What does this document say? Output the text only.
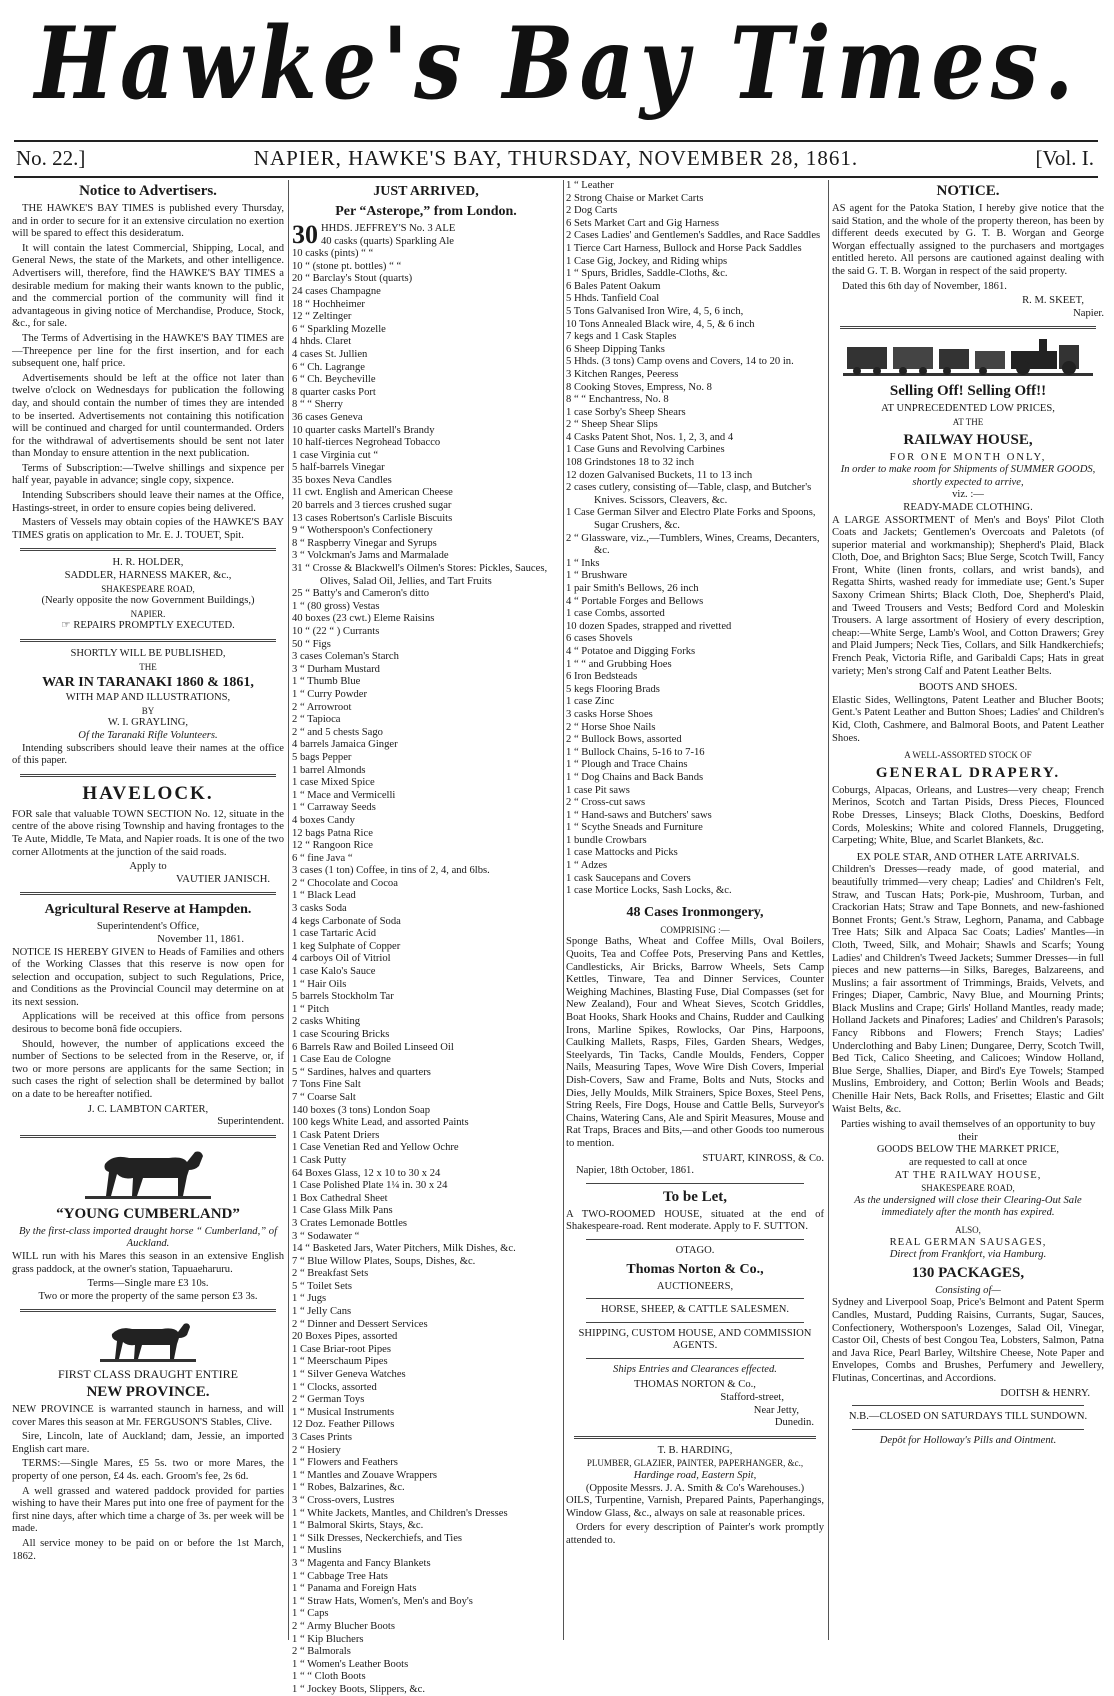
Hawke's Bay Times.
No. 22.]	NAPIER, HAWKE'S BAY, THURSDAY, NOVEMBER 28, 1861.	[Vol. I.
Notice to Advertisers.

THE HAWKE'S BAY TIMES is published every Thursday, and in order to secure for it an extensive circulation no exertion will be spared to effect this desideratum.

It will contain the latest Commercial, Shipping, Local, and General News, the state of the Markets, and other intelligence. Advertisers will, therefore, find the HAWKE'S BAY TIMES a desirable medium for making their wants known to the public, and the commercial portion of the community will find it advantageous in giving notice of Merchandise, Produce, Stock, &c., for sale.

The Terms of Advertising in the HAWKE'S BAY TIMES are—Threepence per line for the first insertion, and for each subsequent one, half price.

Advertisements should be left at the office not later than twelve o'clock on Wednesdays for publication the following day, and should contain the number of times they are intended to be inserted. Advertisements not containing this notification will be continued and charged for until countermanded. Orders for the withdrawal of advertisements should be sent not later than Monday to ensure attention in the next publication.

Terms of Subscription:—Twelve shillings and sixpence per half year, payable in advance; single copy, sixpence.

Intending Subscribers should leave their names at the Office, Hastings-street, in order to ensure copies being delivered.

Masters of Vessels may obtain copies of the HAWKE'S BAY TIMES gratis on application to Mr. E. J. TOUET, Spit.

H. R. HOLDER,
SADDLER, HARNESS MAKER, &c.,
SHAKESPEARE ROAD,
(Nearly opposite the now Government Buildings,)
NAPIER.
☞ REPAIRS PROMPTLY EXECUTED.
SHORTLY WILL BE PUBLISHED,
THE
WAR IN TARANAKI 1860 & 1861,
WITH MAP AND ILLUSTRATIONS,
BY
W. I. GRAYLING,
Of the Taranaki Rifle Volunteers.

Intending subscribers should leave their names at the office of this paper.

HAVELOCK.

FOR sale that valuable TOWN SECTION No. 12, situate in the centre of the above rising Township and having frontages to the Te Aute, Middle, Te Mata, and Napier roads. It is one of the two corner Allotments at the junction of the said roads.

Apply to
VAUTIER JANISCH.
Agricultural Reserve at Hampden.
Superintendent's Office,
November 11, 1861.

NOTICE IS HEREBY GIVEN to Heads of Families and others of the Working Classes that this reserve is now open for selection and occupation, subject to such Regulations, Price, and Conditions as the Provincial Council may determine on at its next session.

Applications will be received at this office from persons desirous to become bonâ fide occupiers.

Should, however, the number of applications exceed the number of Sections to be selected from in the Reserve, or, if two or more persons are applicants for the same Section; in such cases the right of selection shall be determined by ballot on a date to be hereafter notified.

J. C. LAMBTON CARTER,
Superintendent.
“YOUNG CUMBERLAND”
By the first-class imported draught horse “ Cumberland,” of Auckland.

WILL run with his Mares this season in an extensive English grass paddock, at the owner's station, Tapuaeharuru.

Terms—Single mare £3 10s.
Two or more the property of the same person £3 3s.
FIRST CLASS DRAUGHT ENTIRE
NEW PROVINCE.

NEW PROVINCE is warranted staunch in harness, and will cover Mares this season at Mr. FERGUSON'S Stables, Clive.

Sire, Lincoln, late of Auckland; dam, Jessie, an imported English cart mare.

TERMS:—Single Mares, £5 5s. two or more Mares, the property of one person, £4 4s. each. Groom's fee, 2s 6d.

A well grassed and watered paddock provided for parties wishing to have their Mares put into one free of payment for the first nine days, after which time a charge of 3s. per week will be made.

All service money to be paid on or before the 1st March, 1862.

JUST ARRIVED,
Per “Asterope,” from London.
30 HHDS. JEFFREY'S No. 3 ALE
40 casks (quarts) Sparkling Ale
10 casks (pints) “ “
10 “ (stone pt. bottles) “ “
20 “ Barclay's Stout (quarts)
24 cases Champagne
18 “ Hochheimer
12 “ Zeltinger
6 “ Sparkling Mozelle
4 hhds. Claret
4 cases St. Jullien
6 “ Ch. Lagrange
6 “ Ch. Beycheville
8 quarter casks Port
8 “ “ Sherry
36 cases Geneva
10 quarter casks Martell's Brandy
10 half-tierces Negrohead Tobacco
1 case Virginia cut “
5 half-barrels Vinegar
35 boxes Neva Candles
11 cwt. English and American Cheese
20 barrels and 3 tierces crushed sugar
13 cases Robertson's Carlisle Biscuits
9 “ Wotherspoon's Confectionery
8 “ Raspberry Vinegar and Syrups
3 “ Volckman's Jams and Marmalade
31 “ Crosse & Blackwell's Oilmen's Stores: Pickles, Sauces, Olives, Salad Oil, Jellies, and Tart Fruits
25 “ Batty's and Cameron's ditto
1 “ (80 gross) Vestas
40 boxes (23 cwt.) Eleme Raisins
10 “ (22 “ ) Currants
50 “ Figs
3 cases Coleman's Starch
3 “ Durham Mustard
1 “ Thumb Blue
1 “ Curry Powder
2 “ Arrowroot
2 “ Tapioca
2 “ and 5 chests Sago
4 barrels Jamaica Ginger
5 bags Pepper
1 barrel Almonds
1 case Mixed Spice
1 “ Mace and Vermicelli
1 “ Carraway Seeds
4 boxes Candy
12 bags Patna Rice
12 “ Rangoon Rice
6 “ fine Java “
3 cases (1 ton) Coffee, in tins of 2, 4, and 6lbs.
2 “ Chocolate and Cocoa
1 “ Black Lead
3 casks Soda
4 kegs Carbonate of Soda
1 case Tartaric Acid
1 keg Sulphate of Copper
4 carboys Oil of Vitriol
1 case Kalo's Sauce
1 “ Hair Oils
5 barrels Stockholm Tar
1 “ Pitch
2 casks Whiting
1 case Scouring Bricks
6 Barrels Raw and Boiled Linseed Oil
1 Case Eau de Cologne
5 “ Sardines, halves and quarters
7 Tons Fine Salt
7 “ Coarse Salt
140 boxes (3 tons) London Soap
100 kegs White Lead, and assorted Paints
1 Cask Patent Driers
1 Case Venetian Red and Yellow Ochre
1 Cask Putty
64 Boxes Glass, 12 x 10 to 30 x 24
1 Case Polished Plate 1¼ in. 30 x 24
1 Box Cathedral Sheet
1 Case Glass Milk Pans
3 Crates Lemonade Bottles
3 “ Sodawater “
14 “ Basketed Jars, Water Pitchers, Milk Dishes, &c.
7 “ Blue Willow Plates, Soups, Dishes, &c.
2 “ Breakfast Sets
5 “ Toilet Sets
1 “ Jugs
1 “ Jelly Cans
2 “ Dinner and Dessert Services
20 Boxes Pipes, assorted
1 Case Briar-root Pipes
1 “ Meerschaum Pipes
1 “ Silver Geneva Watches
1 “ Clocks, assorted
2 “ German Toys
1 “ Musical Instruments
12 Doz. Feather Pillows
3 Cases Prints
2 “ Hosiery
1 “ Flowers and Feathers
1 “ Mantles and Zouave Wrappers
1 “ Robes, Balzarines, &c.
3 “ Cross-overs, Lustres
1 “ White Jackets, Mantles, and Children's Dresses
1 “ Balmoral Skirts, Stays, &c.
1 “ Silk Dresses, Neckerchiefs, and Ties
1 “ Muslins
3 “ Magenta and Fancy Blankets
1 “ Cabbage Tree Hats
1 “ Panama and Foreign Hats
1 “ Straw Hats, Women's, Men's and Boy's
1 “ Caps
2 “ Army Blucher Boots
1 “ Kip Bluchers
2 “ Balmorals
1 “ Women's Leather Boots
1 “ “ Cloth Boots
1 “ Jockey Boots, Slippers, &c.
1 “ Leather
2 Strong Chaise or Market Carts
2 Dog Carts
6 Sets Market Cart and Gig Harness
2 Cases Ladies' and Gentlemen's Saddles, and Race Saddles
1 Tierce Cart Harness, Bullock and Horse Pack Saddles
1 Case Gig, Jockey, and Riding whips
1 “ Spurs, Bridles, Saddle-Cloths, &c.
6 Bales Patent Oakum
5 Hhds. Tanfield Coal
5 Tons Galvanised Iron Wire, 4, 5, 6 inch,
10 Tons Annealed Black wire, 4, 5, & 6 inch
7 kegs and 1 Cask Staples
6 Sheep Dipping Tanks
5 Hhds. (3 tons) Camp ovens and Covers, 14 to 20 in.
3 Kitchen Ranges, Peeress
8 Cooking Stoves, Empress, No. 8
8 “ “ Enchantress, No. 8
1 case Sorby's Sheep Shears
2 “ Sheep Shear Slips
4 Casks Patent Shot, Nos. 1, 2, 3, and 4
1 Case Guns and Revolving Carbines
108 Grindstones 18 to 32 inch
12 dozen Galvanised Buckets, 11 to 13 inch
2 cases cutlery, consisting of—Table, clasp, and Butcher's Knives. Scissors, Cleavers, &c.
1 Case German Silver and Electro Plate Forks and Spoons, Sugar Crushers, &c.
2 “ Glassware, viz.,—Tumblers, Wines, Creams, Decanters, &c.
1 “ Inks
1 “ Brushware
1 pair Smith's Bellows, 26 inch
4 “ Portable Forges and Bellows
1 case Combs, assorted
10 dozen Spades, strapped and rivetted
6 cases Shovels
4 “ Potatoe and Digging Forks
1 “ “ and Grubbing Hoes
6 Iron Bedsteads
5 kegs Flooring Brads
1 case Zinc
3 casks Horse Shoes
2 “ Horse Shoe Nails
2 “ Bullock Bows, assorted
1 “ Bullock Chains, 5-16 to 7-16
1 “ Plough and Trace Chains
1 “ Dog Chains and Back Bands
1 case Pit saws
2 “ Cross-cut saws
1 “ Hand-saws and Butchers' saws
1 “ Scythe Sneads and Furniture
1 bundle Crowbars
1 case Mattocks and Picks
1 “ Adzes
1 cask Saucepans and Covers
1 case Mortice Locks, Sash Locks, &c.
48 Cases Ironmongery,
COMPRISING :—

Sponge Baths, Wheat and Coffee Mills, Oval Boilers, Quoits, Tea and Coffee Pots, Preserving Pans and Kettles, Candlesticks, Air Bricks, Barrow Wheels, Sets Camp Kettles, Tinware, Tea and Dinner Services, Counter Weighing Machines, Blasting Fuse, Dial Compasses (set for New Zealand), Four and Wheat Sieves, Scotch Griddles, Boat Hooks, Shark Hooks and Chains, Rudder and Caulking Irons, Marline Spikes, Rowlocks, Oar Pins, Harpoons, Caulking Mallets, Rasps, Files, Garden Shears, Wedges, Steelyards, Tin Tacks, Candle Moulds, Fenders, Copper Nails, Measuring Tapes, Wove Wire Dish Covers, Imperial Dish-Covers, Saw and Frame, Bolts and Nuts, Stocks and Dies, Jelly Moulds, Milk Strainers, Spice Boxes, Steel Pens, String Reels, Fire Dogs, House and Cattle Bells, Surveyor's Chains, Watering Cans, Ale and Spirit Measures, Mouse and Rat Traps, Braces and Bits,—and other Goods too numerous to mention.

STUART, KINROSS, & Co.
Napier, 18th October, 1861.
To be Let,

A TWO-ROOMED HOUSE, situated at the end of Shakespeare-road. Rent moderate. Apply to F. SUTTON.

OTAGO.
Thomas Norton & Co.,
AUCTIONEERS,
HORSE, SHEEP, & CATTLE SALESMEN.
SHIPPING, CUSTOM HOUSE, AND COMMISSION AGENTS.
Ships Entries and Clearances effected.
THOMAS NORTON & Co.,
Stafford-street,
Near Jetty,
Dunedin.
T. B. HARDING,
PLUMBER, GLAZIER, PAINTER, PAPERHANGER, &c.,
Hardinge road, Eastern Spit,
(Opposite Messrs. J. A. Smith & Co's Warehouses.)

OILS, Turpentine, Varnish, Prepared Paints, Paperhangings, Window Glass, &c., always on sale at reasonable prices.

Orders for every description of Painter's work promptly attended to.

NOTICE.

AS agent for the Patoka Station, I hereby give notice that the said Station, and the whole of the property thereon, has been by different deeds executed by G. T. B. Worgan and George Worgan effectually assigned to the purchasers and mortgages entitled hereto. All persons are cautioned against dealing with the said G. T. B. Worgan in respect of the said property.

Dated this 6th day of November, 1861.

R. M. SKEET,
Napier.
Selling Off! Selling Off!!
AT UNPRECEDENTED LOW PRICES,
AT THE
RAILWAY HOUSE,
FOR ONE MONTH ONLY,
In order to make room for Shipments of SUMMER GOODS, shortly expected to arrive,
viz. :—
READY-MADE CLOTHING.

A LARGE ASSORTMENT of Men's and Boys' Pilot Cloth Coats and Jackets; Gentlemen's Overcoats and Paletots (of superior material and workmanship); Shepherd's Plaid, Black Cloth, Doe, and Brighton Sacs; Blue Serge, Scotch Twill, Fancy Front, White (linen fronts, collars, and wrist bands), and Regatta Shirts, washed ready for immediate use; Gent.'s Super Saxony Crimean Shirts; Black Cloth, Doe, Shepherd's Plaid, and Tweed Trousers and Vests; Bedford Cord and Moleskin Trousers. A large assortment of Hosiery of every description, cheap:—White Serge, Lamb's Wool, and Cotton Drawers; Grey and Plaid Jumpers; Neck Ties, Collars, and Silk Handkerchiefs; French Peak, Victoria Rifle, and Garibaldi Caps; Hats in great variety; Men's strong Calf and Patent Leather Belts.

BOOTS AND SHOES.

Elastic Sides, Wellingtons, Patent Leather and Blucher Boots; Gent.'s Patent Leather and Button Shoes; Ladies' and Children's Kid, Cloth, Cashmere, and Balmoral Boots, and Patent Leather Shoes.

A WELL-ASSORTED STOCK OF
GENERAL DRAPERY.

Coburgs, Alpacas, Orleans, and Lustres—very cheap; French Merinos, Scotch and Tartan Pisids, Dress Pieces, Flounced Robe Dresses, Linseys; Black Cloths, Doeskins, Bedford Cords, Moleskins; White and colored Flannels, Druggeting, Carpeting; White, Blue, and Scarlet Blankets, &c.

EX POLE STAR, AND OTHER LATE ARRIVALS.

Children's Dresses—ready made, of good material, and beautifully trimmed—very cheap; Ladies' and Children's Felt, Straw, and Tuscan Hats; Pork-pie, Mushroom, Turban, and Crackorian Hats; Straw and Tape Bonnets, and new-fashioned Bonnet Fronts; Gent.'s Straw, Leghorn, Panama, and Cabbage Tree Hats; Silk and Alpaca Sac Coats; Ladies' Mantles—in Cloth, Tweed, Silk, and Mohair; Shawls and Scarfs; Young Ladies' and Children's Tweed Jackets; Summer Dresses—in full pieces and new patterns—in Silks, Bareges, Balzareens, and Muslins; a fair assortment of Trimmings, Braids, Velvets, and Fringes; Diaper, Cambric, Navy Blue, and Mourning Prints; Black Muslins and Crape; Girls' Holland Mantles, ready made; Holland Jackets and Pinafores; Ladies' and Children's Parasols; Fancy Ribbons and Flowers; French Stays; Ladies' Underclothing and Baby Linen; Dungaree, Derry, Scotch Twill, Bed Tick, Calico Sheeting, and Calicoes; Window Holland, Blue Serge, Shallies, Diaper, and Bird's Eye Towels; Stamped Muslins, Embroidery, and Cotton; Berlin Wools and Beads; Chenille Hair Nets, Back Rolls, and Frisettes; Elastic and Gilt Waist Belts, &c.

Parties wishing to avail themselves of an opportunity to buy their
GOODS BELOW THE MARKET PRICE,
are requested to call at once
AT THE RAILWAY HOUSE,
SHAKESPEARE ROAD,
As the undersigned will close their Clearing-Out Sale immediately after the month has expired.
ALSO,
REAL GERMAN SAUSAGES,
Direct from Frankfort, via Hamburg.
130 PACKAGES,
Consisting of—

Sydney and Liverpool Soap, Price's Belmont and Patent Sperm Candles, Mustard, Pudding Raisins, Currants, Sugar, Sauces, Confectionery, Wotherspoon's Lozenges, Salad Oil, Vinegar, Castor Oil, Chests of best Congou Tea, Lobsters, Salmon, Patna and Java Rice, Pearl Barley, Wiltshire Cheese, Note Paper and Envelopes, Combs and Brushes, Perfumery and Jewellery, Flutinas, Concertinas, and Accordions.

DOITSH & HENRY.
N.B.—CLOSED ON SATURDAYS TILL SUNDOWN.
Depôt for Holloway's Pills and Ointment.
